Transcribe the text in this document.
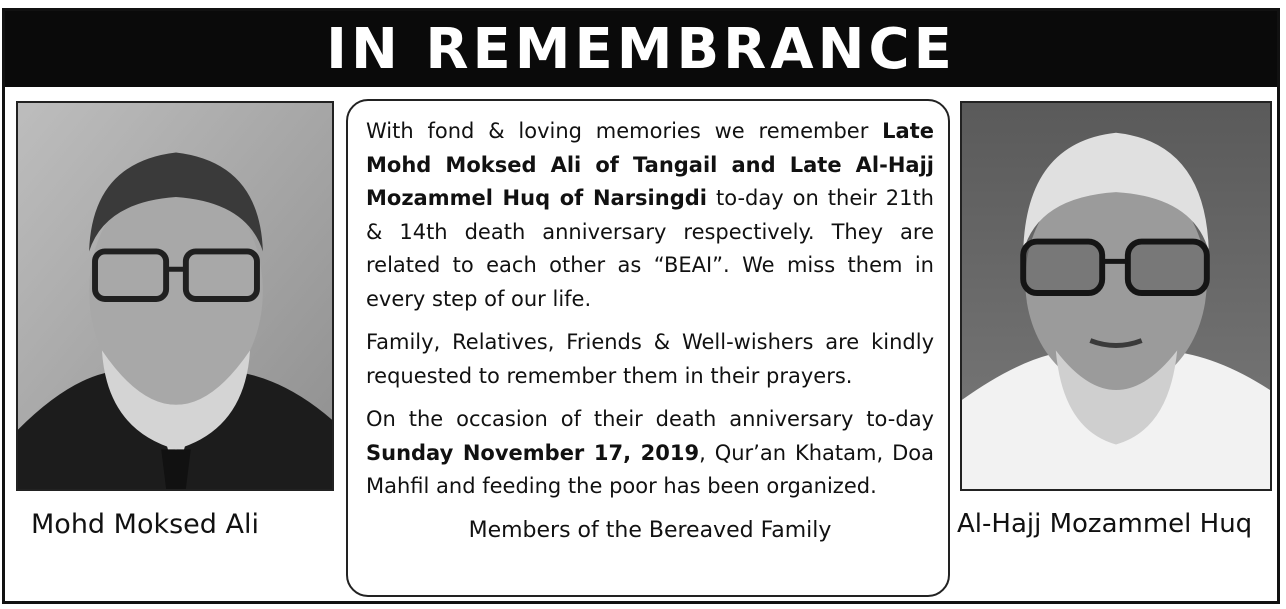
IN REMEMBRANCE
Mohd Moksed Ali

With fond & loving memories we remember Late Mohd Moksed Ali of Tangail and Late Al-Hajj Mozammel Huq of Narsingdi to-day on their 21th & 14th death anniversary respectively. They are related to each other as “BEAI”. We miss them in every step of our life.

Family, Relatives, Friends & Well-wishers are kindly requested to remember them in their prayers.

On the occasion of their death anniversary to-day Sunday November 17, 2019, Qur’an Khatam, Doa Mahfil and feeding the poor has been organized.

Members of the Bereaved Family	Al-Hajj Mozammel Huq
